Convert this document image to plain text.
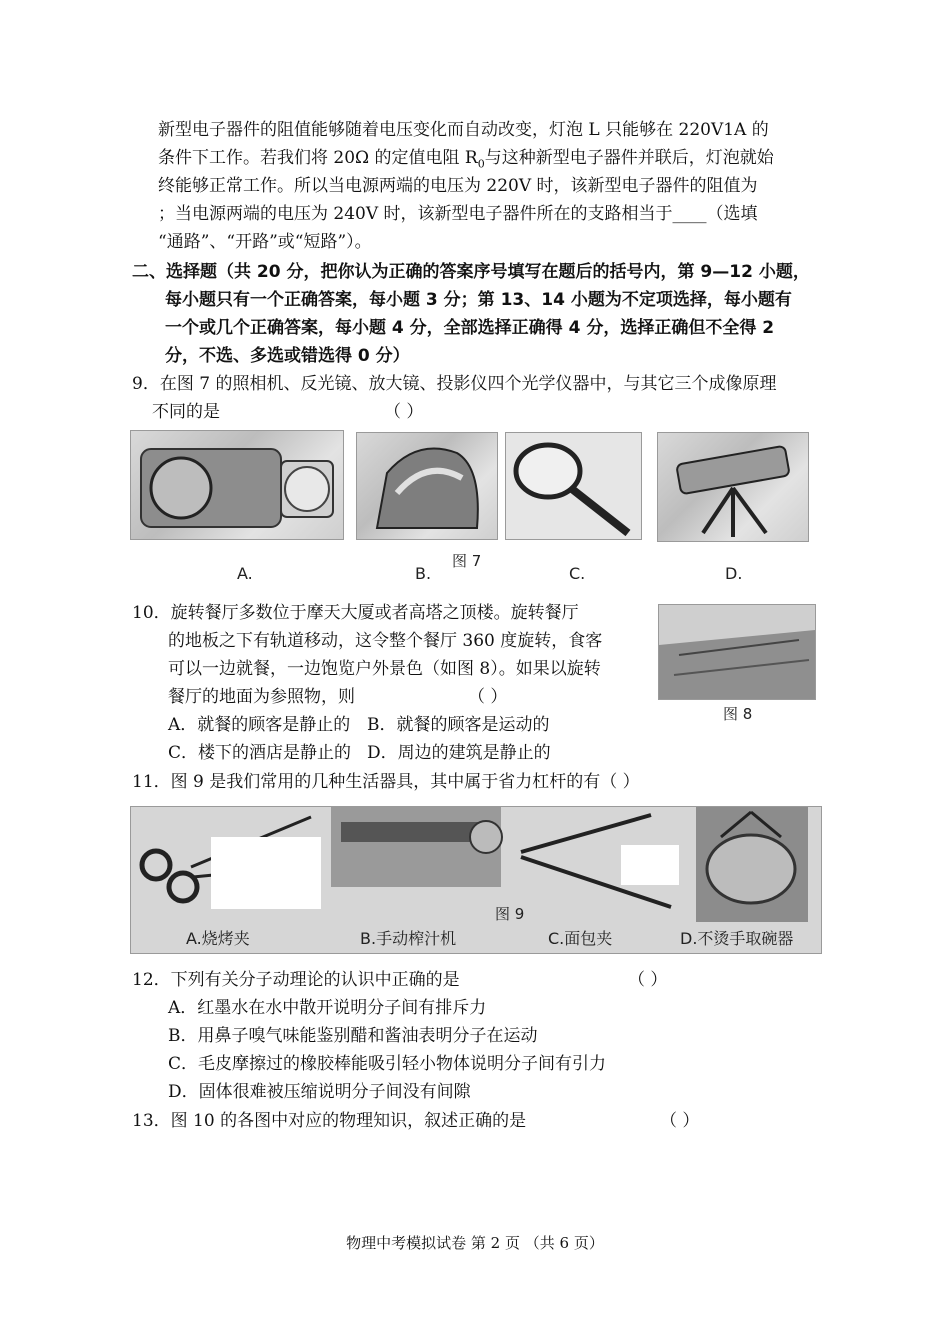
新型电子器件的阻值能够随着电压变化而自动改变，灯泡 L 只能够在 220V1A 的
条件下工作。若我们将 20Ω 的定值电阻 $R_0$与这种新型电子器件并联后，灯泡就始
终能够正常工作。所以当电源两端的电压为 220V 时，该新型电子器件的阻值为
；当电源两端的电压为 240V 时，该新型电子器件所在的支路相当于____（选填
“通路”、“开路”或“短路”）。
二、选择题（共 20 分，把你认为正确的答案序号填写在题后的括号内，第 9—12 小题，
每小题只有一个正确答案，每小题 3 分；第 13、14 小题为不定项选择，每小题有
一个或几个正确答案，每小题 4 分，全部选择正确得 4 分，选择正确但不全得 2
分，不选、多选或错选得 0 分）
9．在图 7 的照相机、反光镜、放大镜、投影仪四个光学仪器中，与其它三个成像原理
不同的是	（ ）
图 7
A.	B.	C.	D.
10．旋转餐厅多数位于摩天大厦或者高塔之顶楼。旋转餐厅
的地板之下有轨道移动，这令整个餐厅 360 度旋转，食客
可以一边就餐，一边饱览户外景色（如图 8）。如果以旋转
餐厅的地面为参照物，则	（ ）
A．就餐的顾客是静止的 B．就餐的顾客是运动的
C．楼下的酒店是静止的 D．周边的建筑是静止的
图 8
11．图 9 是我们常用的几种生活器具，其中属于省力杠杆的有（ ）
图 9
A.烧烤夹	B.手动榨汁机	C.面包夹	D.不烫手取碗器
12．下列有关分子动理论的认识中正确的是	（ ）
A．红墨水在水中散开说明分子间有排斥力
B．用鼻子嗅气味能鉴别醋和酱油表明分子在运动
C．毛皮摩擦过的橡胶棒能吸引轻小物体说明分子间有引力
D．固体很难被压缩说明分子间没有间隙
13．图 10 的各图中对应的物理知识，叙述正确的是	（ ）
物理中考模拟试卷 第 2 页 （共 6 页）
